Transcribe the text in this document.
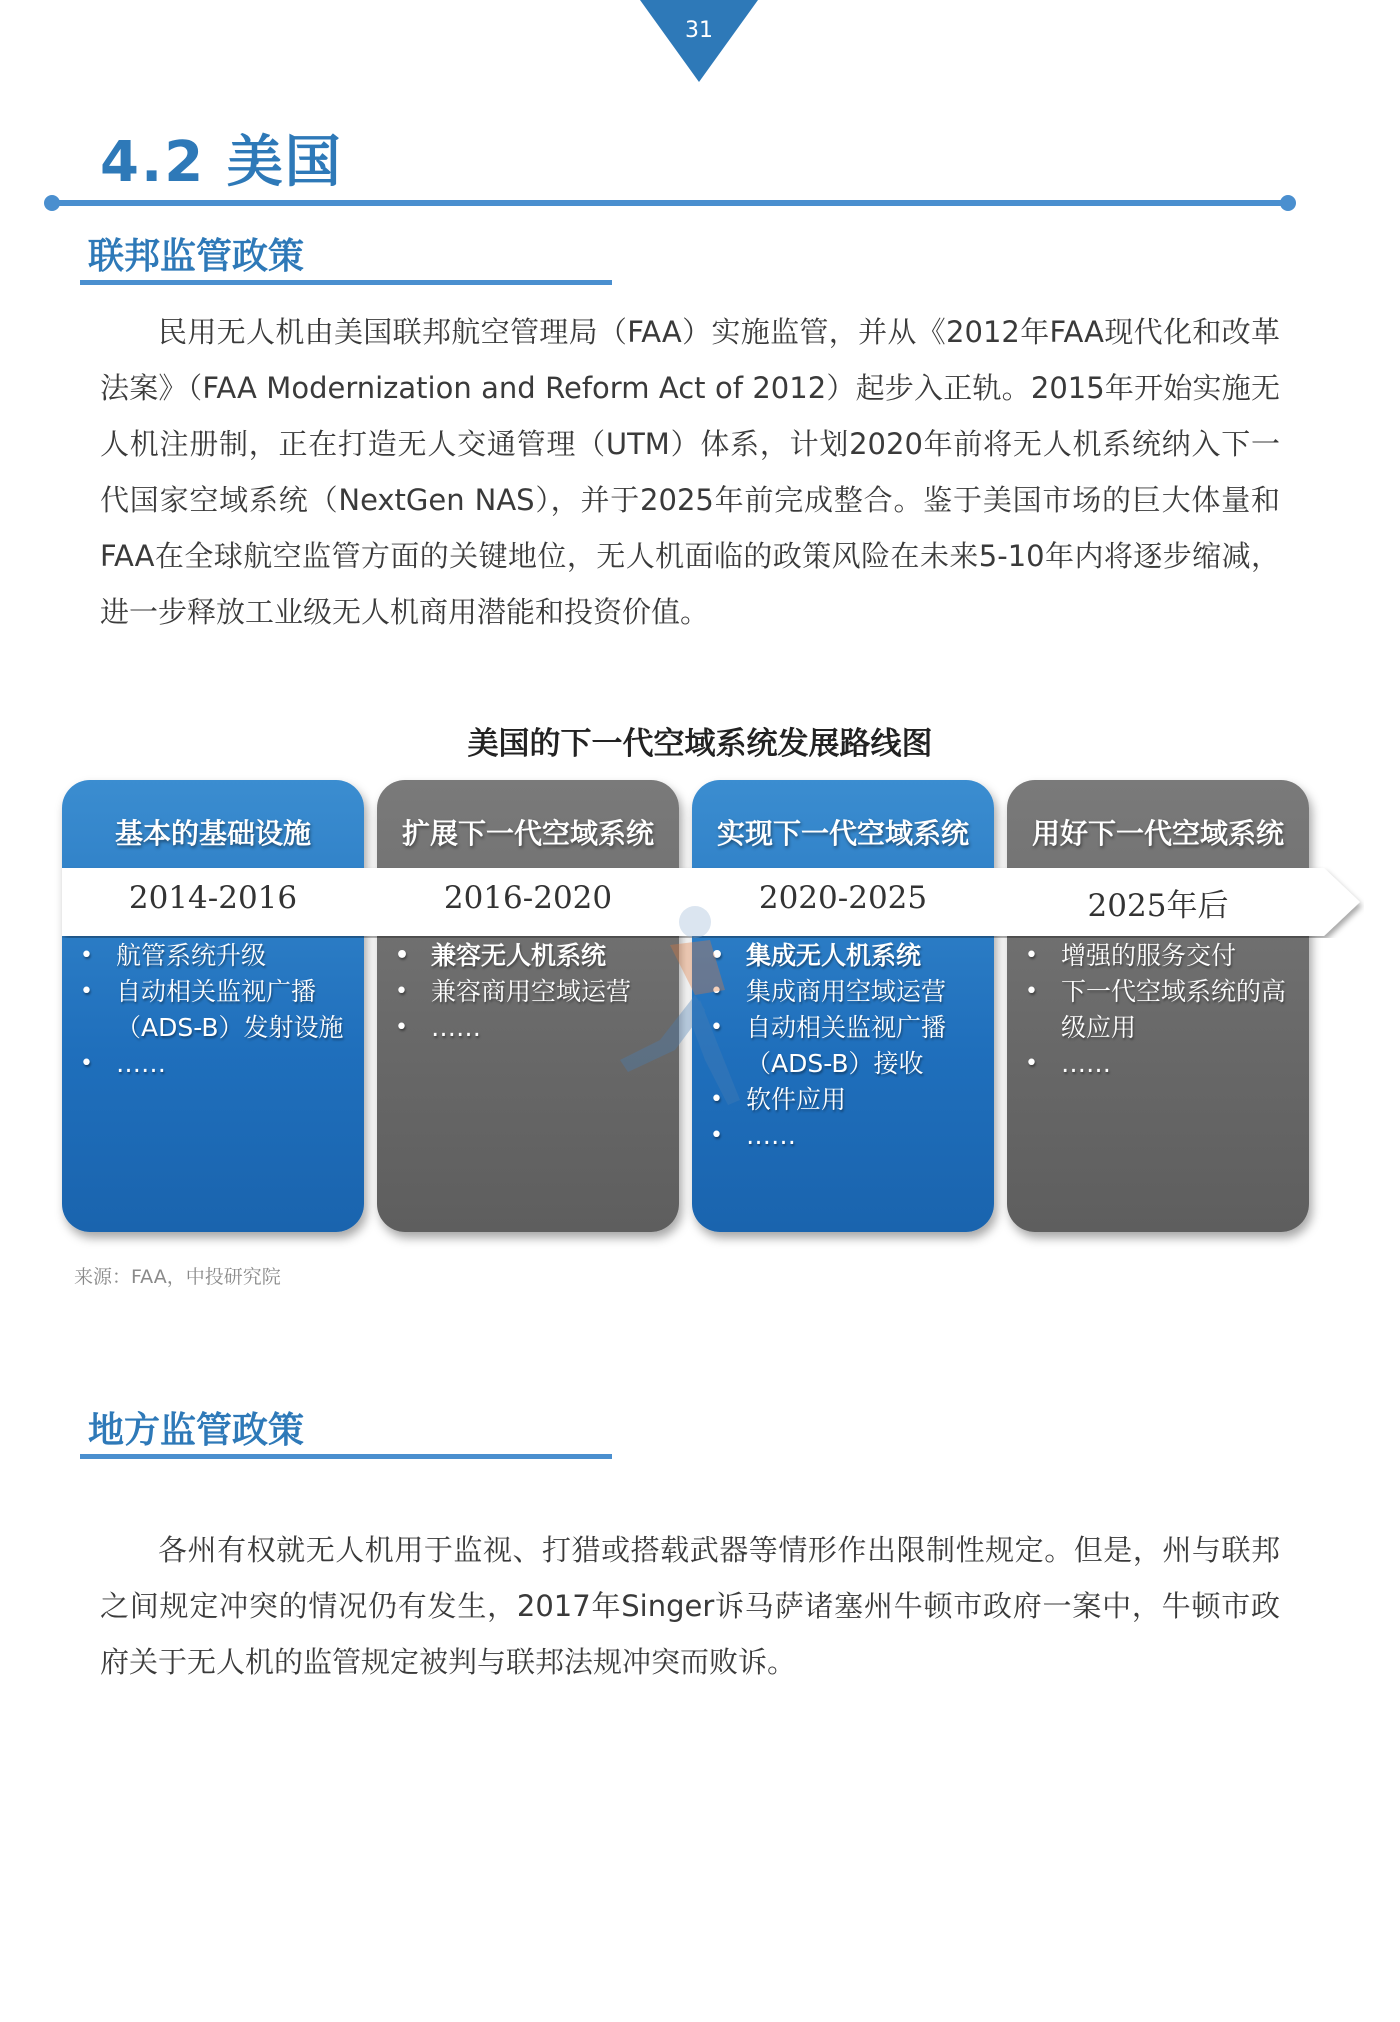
31
4.2 美国
联邦监管政策

民用无人机由美国联邦航空管理局（FAA）实施监管，并从《2012年FAA现代化和改革法案》（FAA Modernization and Reform Act of 2012）起步入正轨。2015年开始实施无人机注册制，正在打造无人交通管理（UTM）体系，计划2020年前将无人机系统纳入下一代国家空域系统（NextGen NAS），并于2025年前完成整合。鉴于美国市场的巨大体量和FAA在全球航空监管方面的关键地位，无人机面临的政策风险在未来5-10年内将逐步缩减，进一步释放工业级无人机商用潜能和投资价值。

美国的下一代空域系统发展路线图
基本的基础设施
• 航管系统升级
• 自动相关监视广播（ADS-B）发射设施
• ……
扩展下一代空域系统
• 兼容无人机系统
• 兼容商用空域运营
• ……
实现下一代空域系统
• 集成无人机系统
• 集成商用空域运营
• 自动相关监视广播（ADS-B）接收
• 软件应用
• ……
用好下一代空域系统
• 增强的服务交付
• 下一代空域系统的高级应用
• ……
2014-2016	2016-2020	2020-2025	2025年后

来源：FAA，中投研究院

地方监管政策

各州有权就无人机用于监视、打猎或搭载武器等情形作出限制性规定。但是，州与联邦之间规定冲突的情况仍有发生，2017年Singer诉马萨诸塞州牛顿市政府一案中，牛顿市政府关于无人机的监管规定被判与联邦法规冲突而败诉。
